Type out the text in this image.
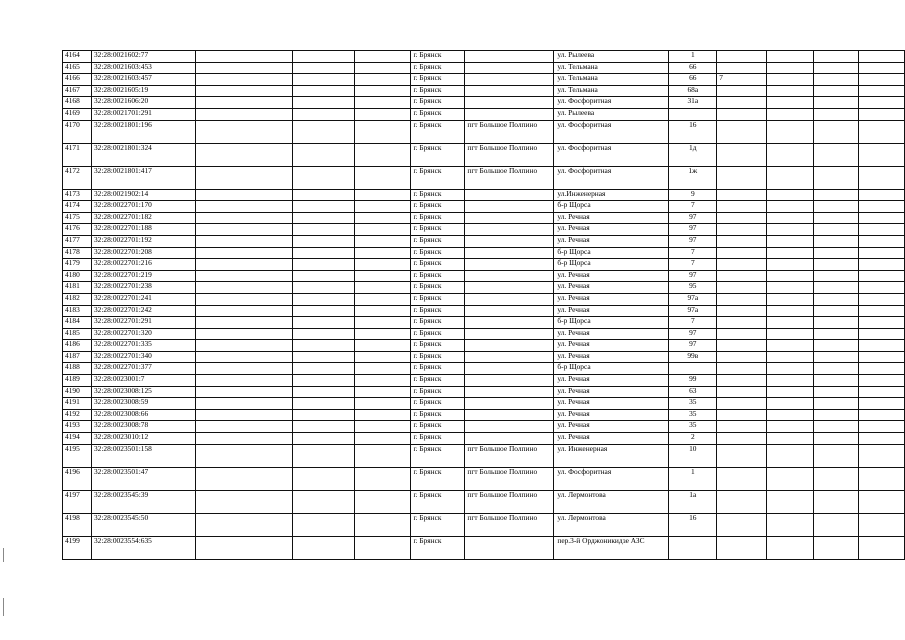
4164	32:28:0021602:77				г. Брянск		ул. Рылеева	1				
4165	32:28:0021603:453				г. Брянск		ул. Тельмана	66				
4166	32:28:0021603:457				г. Брянск		ул. Тельмана	66	7			
4167	32:28:0021605:19				г. Брянск		ул. Тельмана	68а				
4168	32:28:0021606:20				г. Брянск		ул. Фосфоритная	31а				
4169	32:28:0021701:291				г. Брянск		ул. Рылеева					
4170	32:28:0021801:196				г. Брянск	пгт Большое Полпино	ул. Фосфоритная	16				
4171	32:28:0021801:324				г. Брянск	пгт Большое Полпино	ул. Фосфоритная	1д				
4172	32:28:0021801:417				г. Брянск	пгт Большое Полпино	ул. Фосфоритная	1ж				
4173	32:28:0021902:14				г. Брянск		ул.Инженерная	9				
4174	32:28:0022701:170				г. Брянск		б-р Щорса	7				
4175	32:28:0022701:182				г. Брянск		ул. Речная	97				
4176	32:28:0022701:188				г. Брянск		ул. Речная	97				
4177	32:28:0022701:192				г. Брянск		ул. Речная	97				
4178	32:28:0022701:208				г. Брянск		б-р Щорса	7				
4179	32:28:0022701:216				г. Брянск		б-р Щорса	7				
4180	32:28:0022701:219				г. Брянск		ул. Речная	97				
4181	32:28:0022701:238				г. Брянск		ул. Речная	95				
4182	32:28:0022701:241				г. Брянск		ул. Речная	97а				
4183	32:28:0022701:242				г. Брянск		ул. Речная	97а				
4184	32:28:0022701:291				г. Брянск		б-р Щорса	7				
4185	32:28:0022701:320				г. Брянск		ул. Речная	97				
4186	32:28:0022701:335				г. Брянск		ул. Речная	97				
4187	32:28:0022701:340				г. Брянск		ул. Речная	99в				
4188	32:28:0022701:377				г. Брянск		б-р Щорса					
4189	32:28:0023001:7				г. Брянск		ул. Речная	99				
4190	32:28:0023008:125				г. Брянск		ул. Речная	63				
4191	32:28:0023008:59				г. Брянск		ул. Речная	35				
4192	32:28:0023008:66				г. Брянск		ул. Речная	35				
4193	32:28:0023008:78				г. Брянск		ул. Речная	35				
4194	32:28:0023010:12				г. Брянск		ул. Речная	2				
4195	32:28:0023501:158				г. Брянск	пгт Большое Полпино	ул. Инженерная	10				
4196	32:28:0023501:47				г. Брянск	пгт Большое Полпино	ул. Фосфоритная	1				
4197	32:28:0023545:39				г. Брянск	пгт Большое Полпино	ул. Лермонтова	1а				
4198	32:28:0023545:50				г. Брянск	пгт Большое Полпино	ул. Лермонтова	16				
4199	32:28:0023554:635				г. Брянск		пер.3-й Орджоникидзе АЗС					
